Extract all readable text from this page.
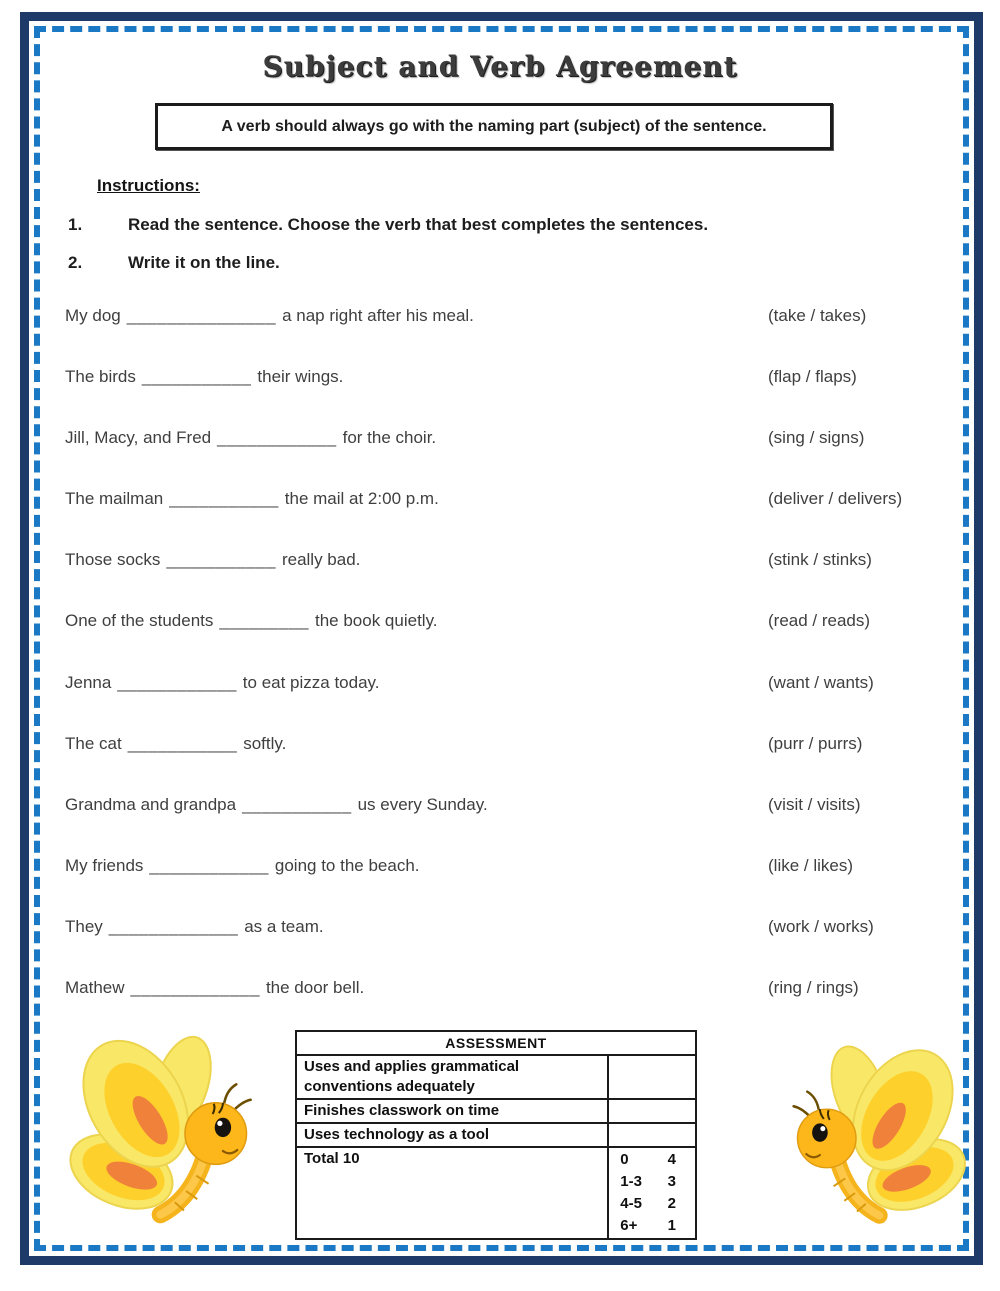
Subject and Verb Agreement
A verb should always go with the naming part (subject) of the sentence.
Instructions:
1.	Read the sentence. Choose the verb that best completes the sentences.
2.	Write it on the line.
My dog _______________ a nap right after his meal.	(take / takes)
The birds ___________ their wings.	(flap / flaps)
Jill, Macy, and Fred ____________ for the choir.	(sing / signs)
The mailman ___________ the mail at 2:00 p.m.	(deliver / delivers)
Those socks ___________ really bad.	(stink / stinks)
One of the students _________ the book quietly.	(read / reads)
Jenna ____________ to eat pizza today.	(want / wants)
The cat ___________ softly.	(purr / purrs)
Grandma and grandpa ___________ us every Sunday.	(visit / visits)
My friends ____________ going to the beach.	(like / likes)
They _____________ as a team.	(work / works)
Mathew _____________ the door bell.	(ring / rings)
ASSESSMENT	
Uses and applies grammatical conventions adequately	
Finishes classwork on time	
Uses technology as a tool	
Total 10	0	4
1-3 3
4-5 2
6+ 1
